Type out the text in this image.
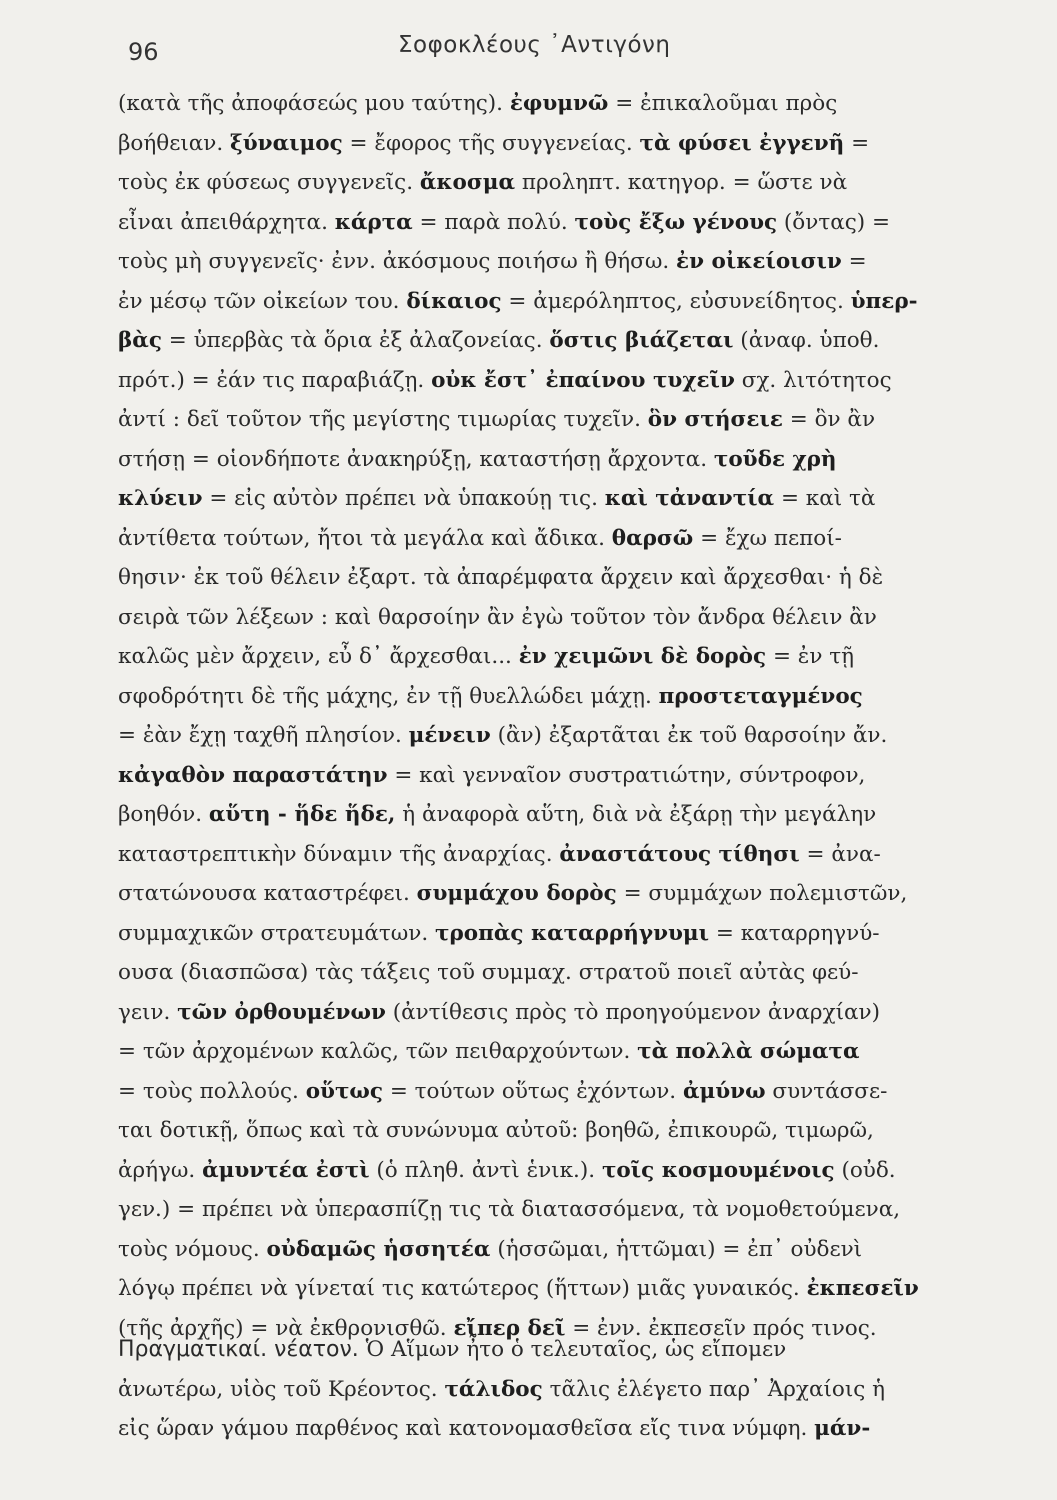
96	Σοφοκλέους ᾿Αντιγόνη
(κατὰ τῆς ἀποφάσεώς μου ταύτης). ἐφυμνῶ = ἐπικαλοῦμαι πρὸς
βοήθειαν. ξύναιμος = ἔφορος τῆς συγγενείας. τὰ φύσει ἐγγενῆ =
τοὺς ἐκ φύσεως συγγενεῖς. ἄκοσμα προληπτ. κατηγορ. = ὥστε νὰ
εἶναι ἀπειθάρχητα. κάρτα = παρὰ πολύ. τοὺς ἔξω γένους (ὄντας) =
τοὺς μὴ συγγενεῖς· ἐνν. ἀκόσμους ποιήσω ἢ θήσω. ἐν οἰκείοισιν =
ἐν μέσῳ τῶν οἰκείων του. δίκαιος = ἀμερόληπτος, εὐσυνείδητος. ὑπερ-
βὰς = ὑπερβὰς τὰ ὅρια ἐξ ἀλαζονείας. ὅστις βιάζεται (ἀναφ. ὑποθ.
πρότ.) = ἐάν τις παραβιάζῃ. οὐκ ἔστ᾿ ἐπαίνου τυχεῖν σχ. λιτότητος
ἀντί : δεῖ τοῦτον τῆς μεγίστης τιμωρίας τυχεῖν. ὃν στήσειε = ὃν ἂν
στήσῃ = οἱονδήποτε ἀνακηρύξῃ, καταστήσῃ ἄρχοντα. τοῦδε χρὴ
κλύειν = εἰς αὐτὸν πρέπει νὰ ὑπακούῃ τις. καὶ τἀναντία = καὶ τὰ
ἀντίθετα τούτων, ἤτοι τὰ μεγάλα καὶ ἄδικα. θαρσῶ = ἔχω πεποί-
θησιν· ἐκ τοῦ θέλειν ἐξαρτ. τὰ ἀπαρέμφατα ἄρχειν καὶ ἄρχεσθαι· ἡ δὲ
σειρὰ τῶν λέξεων : καὶ θαρσοίην ἂν ἐγὼ τοῦτον τὸν ἄνδρα θέλειν ἂν
καλῶς μὲν ἄρχειν, εὖ δ᾿ ἄρχεσθαι... ἐν χειμῶνι δὲ δορὸς = ἐν τῇ
σφοδρότητι δὲ τῆς μάχης, ἐν τῇ θυελλώδει μάχῃ. προστεταγμένος
= ἐὰν ἔχῃ ταχθῆ πλησίον. μένειν (ἂν) ἐξαρτᾶται ἐκ τοῦ θαρσοίην ἄν.
κἀγαθὸν παραστάτην = καὶ γενναῖον συστρατιώτην, σύντροφον,
βοηθόν. αὕτη - ἥδε ἥδε, ἡ ἀναφορὰ αὕτη, διὰ νὰ ἐξάρῃ τὴν μεγάλην
καταστρεπτικὴν δύναμιν τῆς ἀναρχίας. ἀναστάτους τίθησι = ἀνα-
στατώνουσα καταστρέφει. συμμάχου δορὸς = συμμάχων πολεμιστῶν,
συμμαχικῶν στρατευμάτων. τροπὰς καταρρήγνυμι = καταρρηγνύ-
ουσα (διασπῶσα) τὰς τάξεις τοῦ συμμαχ. στρατοῦ ποιεῖ αὐτὰς φεύ-
γειν. τῶν ὀρθουμένων (ἀντίθεσις πρὸς τὸ προηγούμενον ἀναρχίαν)
= τῶν ἀρχομένων καλῶς, τῶν πειθαρχούντων. τὰ πολλὰ σώματα
= τοὺς πολλούς. οὕτως = τούτων οὕτως ἐχόντων. ἀμύνω συντάσσε-
ται δοτικῇ, ὅπως καὶ τὰ συνώνυμα αὐτοῦ: βοηθῶ, ἐπικουρῶ, τιμωρῶ,
ἀρήγω. ἀμυντέα ἐστὶ (ὁ πληθ. ἀντὶ ἑνικ.). τοῖς κοσμουμένοις (οὐδ.
γεν.) = πρέπει νὰ ὑπερασπίζῃ τις τὰ διατασσόμενα, τὰ νομοθετούμενα,
τοὺς νόμους. οὐδαμῶς ἡσσητέα (ἡσσῶμαι, ἡττῶμαι) = ἐπ᾿ οὐδενὶ
λόγῳ πρέπει νὰ γίνεταί τις κατώτερος (ἥττων) μιᾶς γυναικός. ἐκπεσεῖν
(τῆς ἀρχῆς) = νὰ ἐκθρονισθῶ. εἴπερ δεῖ = ἐνν. ἐκπεσεῖν πρός τινος.
Πραγματικαί. νέατον. Ὁ Αἵμων ἦτο ὁ τελευταῖος, ὡς εἴπομεν
ἀνωτέρω, υἱὸς τοῦ Κρέοντος. τάλιδος τᾶλις ἐλέγετο παρ᾿ Ἀρχαίοις ἡ
εἰς ὥραν γάμου παρθένος καὶ κατονομασθεῖσα εἴς τινα νύμφη. μάν-
